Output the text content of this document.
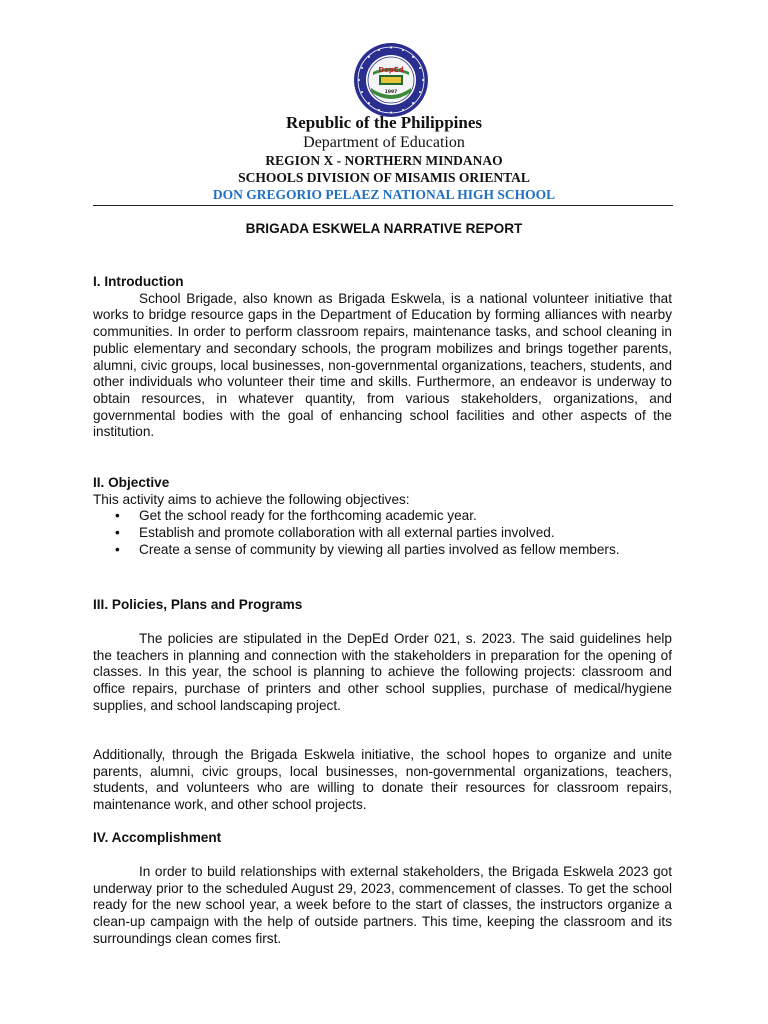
DepEd
1997
Republic of the Philippines
Department of Education
REGION X - NORTHERN MINDANAO
SCHOOLS DIVISION OF MISAMIS ORIENTAL
DON GREGORIO PELAEZ NATIONAL HIGH SCHOOL
BRIGADA ESKWELA NARRATIVE REPORT
I. Introduction

School Brigade, also known as Brigada Eskwela, is a national volunteer initiative that works to bridge resource gaps in the Department of Education by forming alliances with nearby communities. In order to perform classroom repairs, maintenance tasks, and school cleaning in public elementary and secondary schools, the program mobilizes and brings together parents, alumni, civic groups, local businesses, non-governmental organizations, teachers, students, and other individuals who volunteer their time and skills. Furthermore, an endeavor is underway to obtain resources, in whatever quantity, from various stakeholders, organizations, and governmental bodies with the goal of enhancing school facilities and other aspects of the institution.

II. Objective
This activity aims to achieve the following objectives:
• Get the school ready for the forthcoming academic year.
• Establish and promote collaboration with all external parties involved.
• Create a sense of community by viewing all parties involved as fellow members.
III. Policies, Plans and Programs

The policies are stipulated in the DepEd Order 021, s. 2023. The said guidelines help the teachers in planning and connection with the stakeholders in preparation for the opening of classes. In this year, the school is planning to achieve the following projects: classroom and office repairs, purchase of printers and other school supplies, purchase of medical/hygiene supplies, and school landscaping project.

Additionally, through the Brigada Eskwela initiative, the school hopes to organize and unite parents, alumni, civic groups, local businesses, non-governmental organizations, teachers, students, and volunteers who are willing to donate their resources for classroom repairs, maintenance work, and other school projects.

IV. Accomplishment

In order to build relationships with external stakeholders, the Brigada Eskwela 2023 got underway prior to the scheduled August 29, 2023, commencement of classes. To get the school ready for the new school year, a week before to the start of classes, the instructors organize a clean-up campaign with the help of outside partners. This time, keeping the classroom and its surroundings clean comes first.
